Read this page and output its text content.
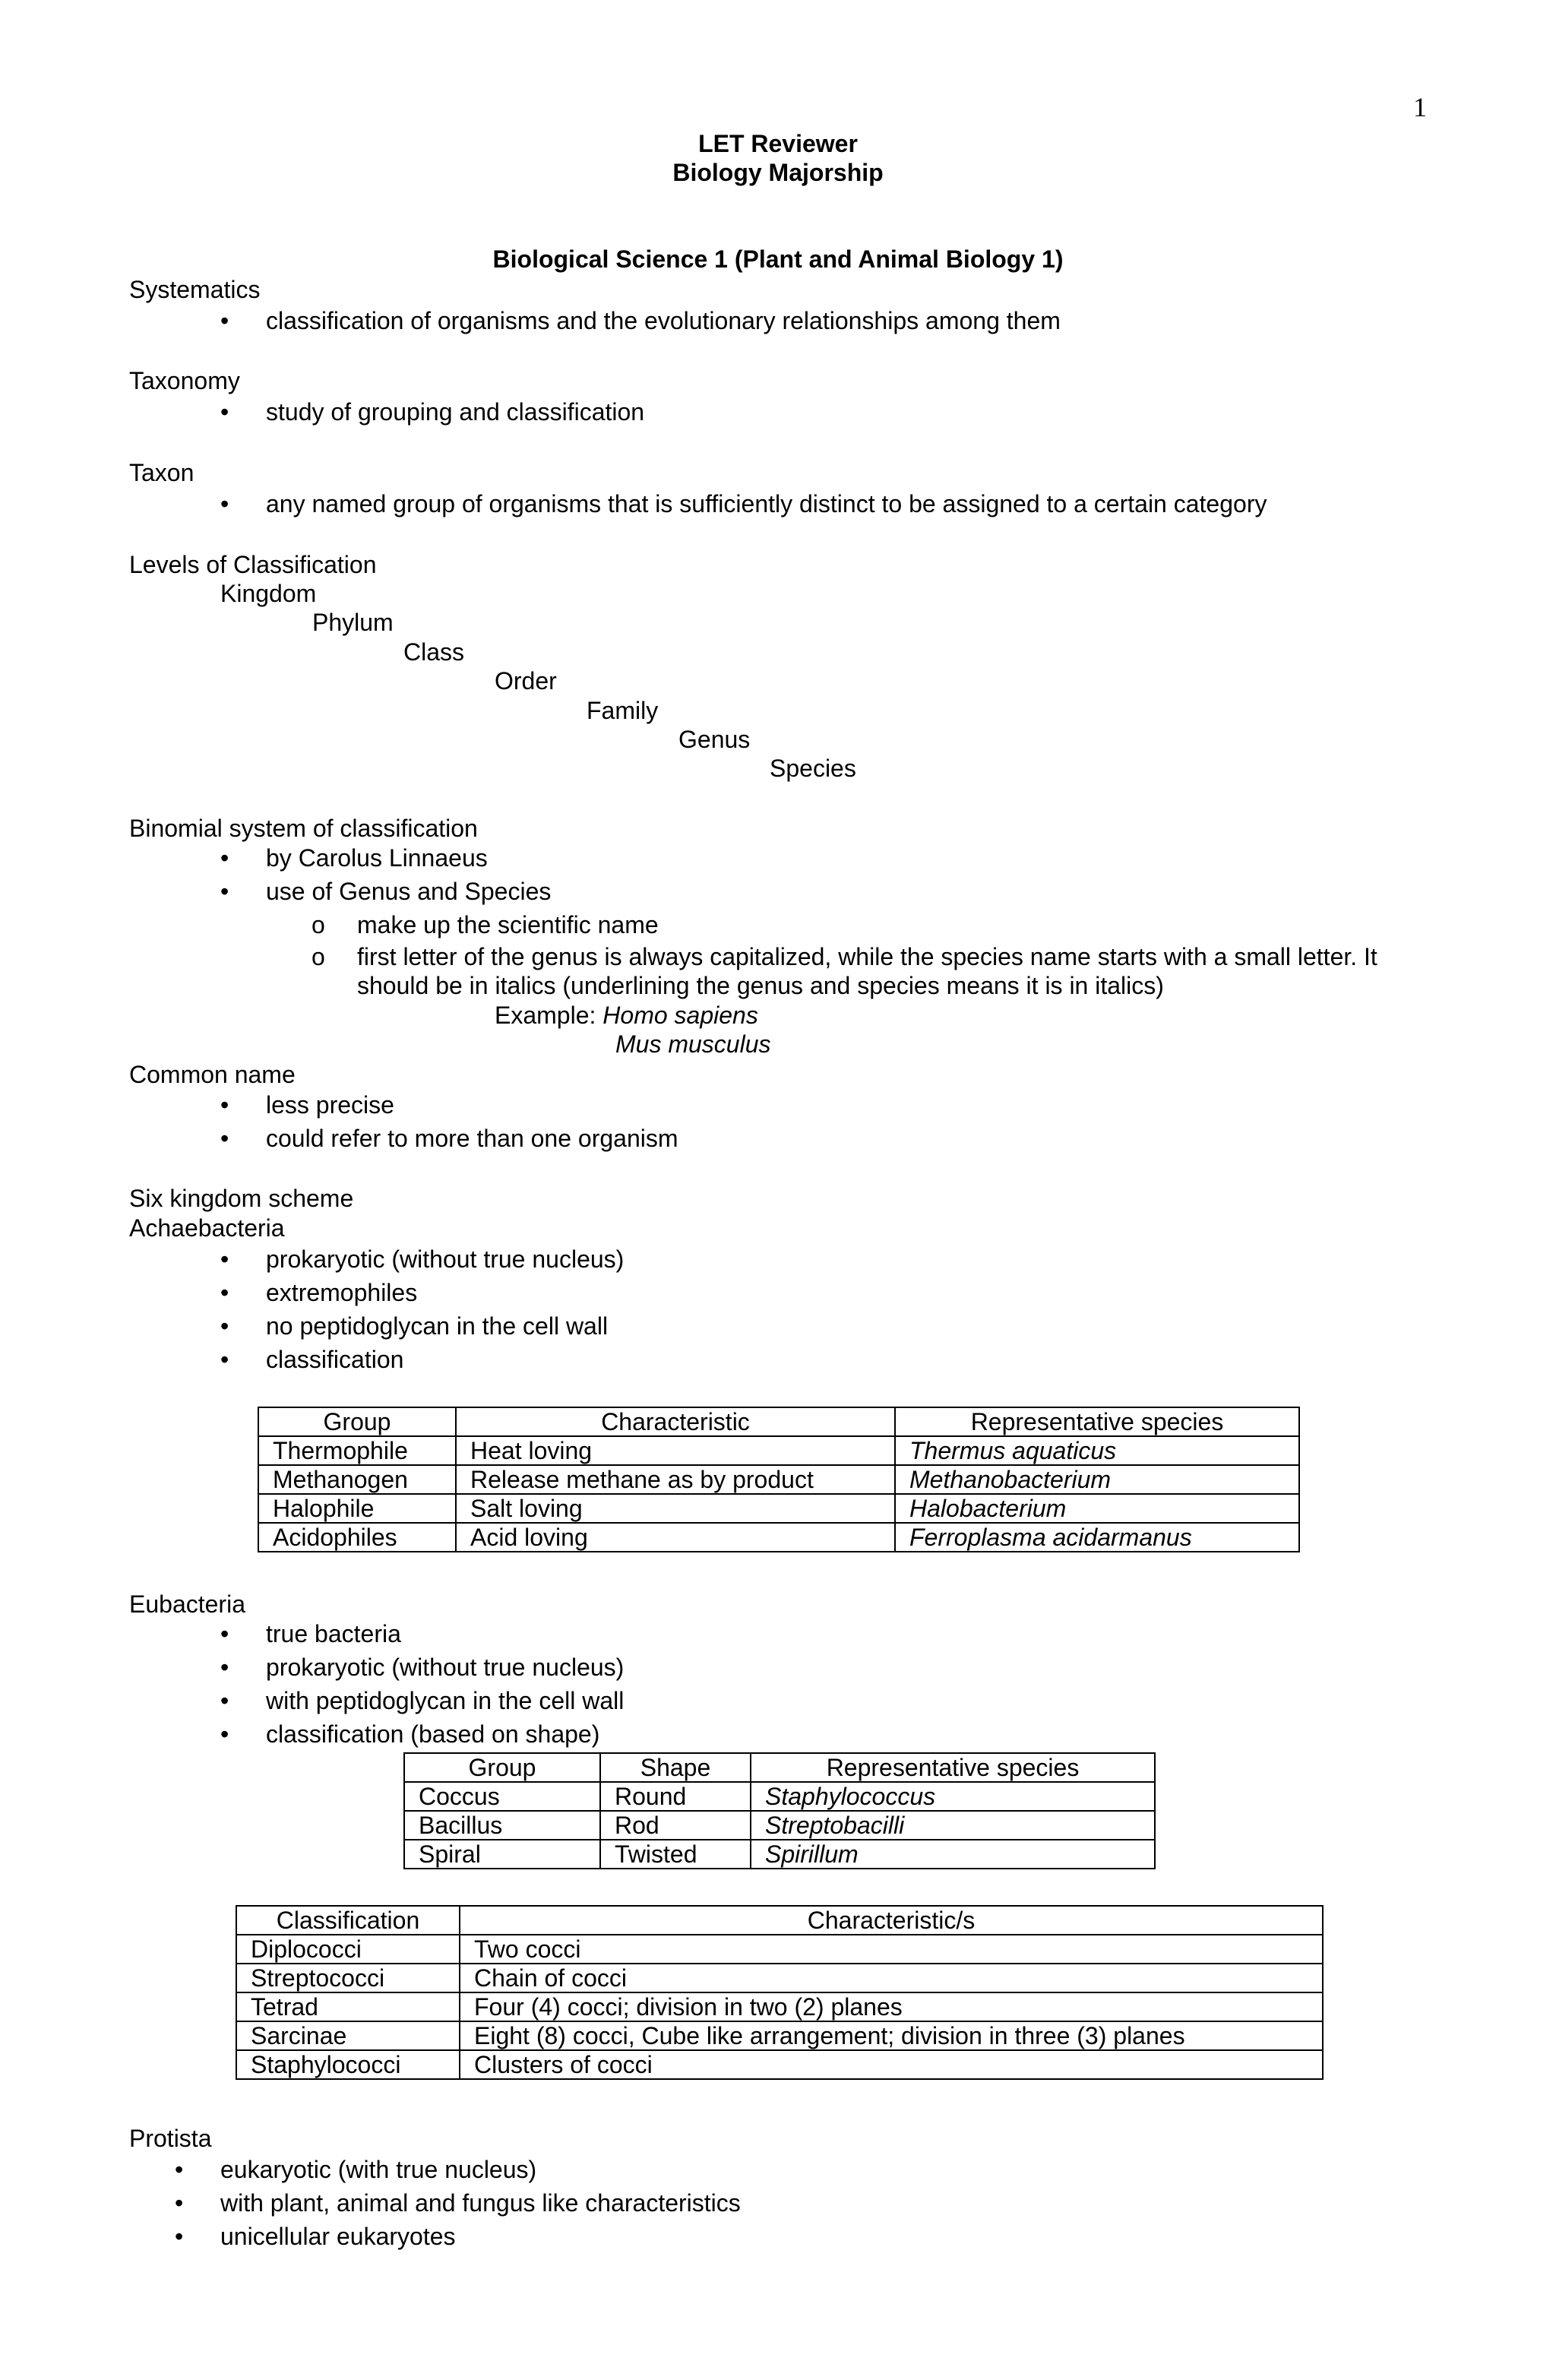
1
LET Reviewer
Biology Majorship
Biological Science 1 (Plant and Animal Biology 1)
Systematics
• classification of organisms and the evolutionary relationships among them
Taxonomy
• study of grouping and classification
Taxon
• any named group of organisms that is sufficiently distinct to be assigned to a certain category
Levels of Classification
Kingdom
Phylum
Class
Order
Family
Genus
Species
Binomial system of classification
• by Carolus Linnaeus
• use of Genus and Species
o make up the scientific name
o first letter of the genus is always capitalized, while the species name starts with a small letter. It should be in italics (underlining the genus and species means it is in italics)
Example: Homo sapiens
Mus musculus
Common name
• less precise
• could refer to more than one organism
Six kingdom scheme
Achaebacteria
• prokaryotic (without true nucleus)
• extremophiles
• no peptidoglycan in the cell wall
• classification
Group	Characteristic	Representative species
Thermophile	Heat loving	Thermus aquaticus
Methanogen	Release methane as by product	Methanobacterium
Halophile	Salt loving	Halobacterium
Acidophiles	Acid loving	Ferroplasma acidarmanus
Eubacteria
• true bacteria
• prokaryotic (without true nucleus)
• with peptidoglycan in the cell wall
• classification (based on shape)
Group	Shape	Representative species
Coccus	Round	Staphylococcus
Bacillus	Rod	Streptobacilli
Spiral	Twisted	Spirillum
Classification	Characteristic/s
Diplococci	Two cocci
Streptococci	Chain of cocci
Tetrad	Four (4) cocci; division in two (2) planes
Sarcinae	Eight (8) cocci, Cube like arrangement; division in three (3) planes
Staphylococci	Clusters of cocci
Protista
• eukaryotic (with true nucleus)
• with plant, animal and fungus like characteristics
• unicellular eukaryotes
